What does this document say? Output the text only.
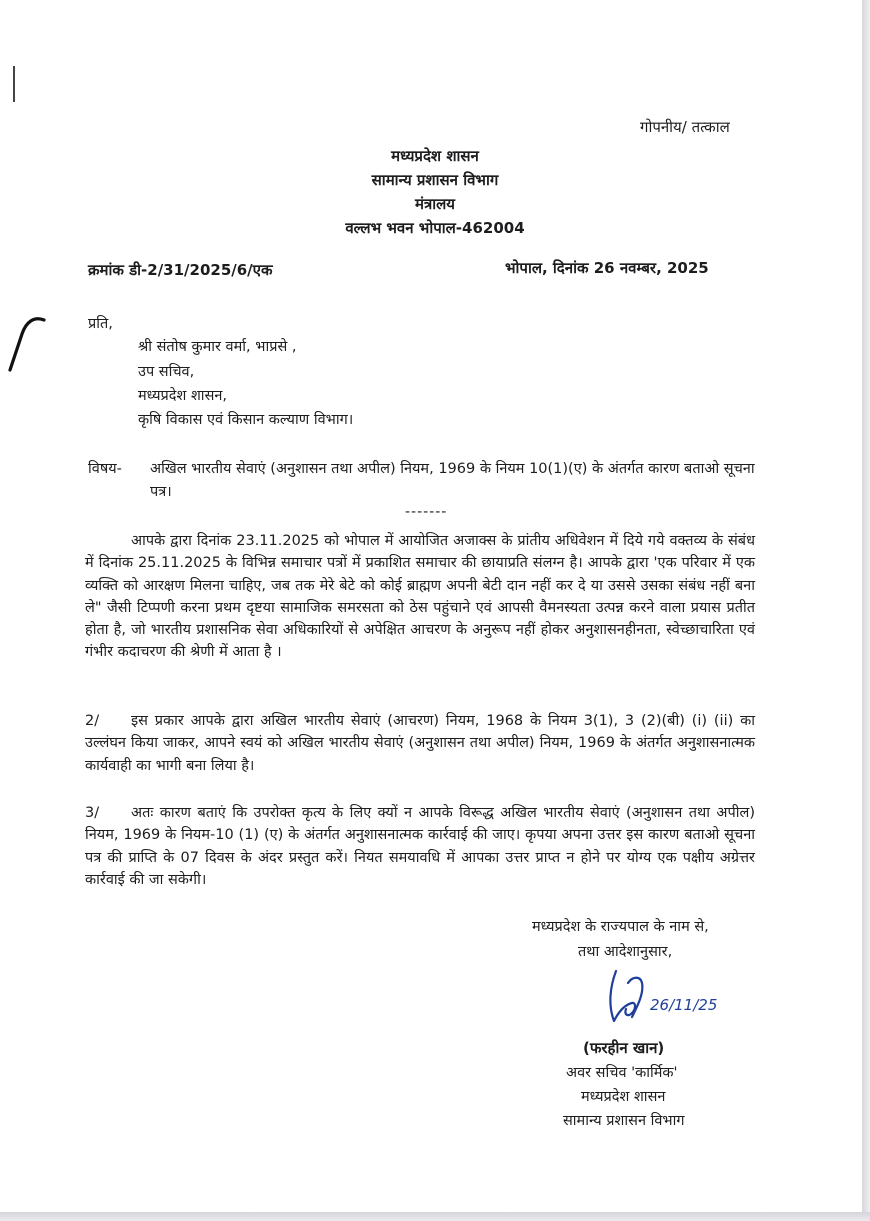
गोपनीय/ तत्काल
मध्यप्रदेश शासन
सामान्य प्रशासन विभाग
मंत्रालय
वल्लभ भवन भोपाल-462004
क्रमांक डी-2/31/2025/6/एक	भोपाल, दिनांक 26 नवम्बर, 2025
प्रति,
श्री संतोष कुमार वर्मा, भाप्रसे ,
उप सचिव,
मध्यप्रदेश शासन,
कृषि विकास एवं किसान कल्याण विभाग।
विषय- अखिल भारतीय सेवाएं (अनुशासन तथा अपील) नियम, 1969 के नियम 10(1)(ए) के अंतर्गत कारण बताओ सूचना पत्र।
-------
आपके द्वारा दिनांक 23.11.2025 को भोपाल में आयोजित अजाक्स के प्रांतीय अधिवेशन में दिये गये वक्तव्य के संबंध में दिनांक 25.11.2025 के विभिन्न समाचार पत्रों में प्रकाशित समाचार की छायाप्रति संलग्न है। आपके द्वारा 'एक परिवार में एक व्यक्ति को आरक्षण मिलना चाहिए, जब तक मेरे बेटे को कोई ब्राह्मण अपनी बेटी दान नहीं कर दे या उससे उसका संबंध नहीं बना ले" जैसी टिप्पणी करना प्रथम दृष्टया सामाजिक समरसता को ठेस पहुंचाने एवं आपसी वैमनस्यता उत्पन्न करने वाला प्रयास प्रतीत होता है, जो भारतीय प्रशासनिक सेवा अधिकारियों से अपेक्षित आचरण के अनुरूप नहीं होकर अनुशासनहीनता, स्वेच्छाचारिता एवं गंभीर कदाचरण की श्रेणी में आता है ।
2/ इस प्रकार आपके द्वारा अखिल भारतीय सेवाएं (आचरण) नियम, 1968 के नियम 3(1), 3 (2)(बी) (i) (ii) का उल्लंघन किया जाकर, आपने स्वयं को अखिल भारतीय सेवाएं (अनुशासन तथा अपील) नियम, 1969 के अंतर्गत अनुशासनात्मक कार्यवाही का भागी बना लिया है।
3/ अतः कारण बताएं कि उपरोक्त कृत्य के लिए क्यों न आपके विरूद्ध अखिल भारतीय सेवाएं (अनुशासन तथा अपील) नियम, 1969 के नियम-10 (1) (ए) के अंतर्गत अनुशासनात्मक कार्रवाई की जाए। कृपया अपना उत्तर इस कारण बताओ सूचना पत्र की प्राप्ति के 07 दिवस के अंदर प्रस्तुत करें। नियत समयावधि में आपका उत्तर प्राप्त न होने पर योग्य एक पक्षीय अग्रेत्तर कार्रवाई की जा सकेगी।
मध्यप्रदेश के राज्यपाल के नाम से,
तथा आदेशानुसार,
26/11/25
(फरहीन खान)
अवर सचिव 'कार्मिक'
मध्यप्रदेश शासन
सामान्य प्रशासन विभाग
